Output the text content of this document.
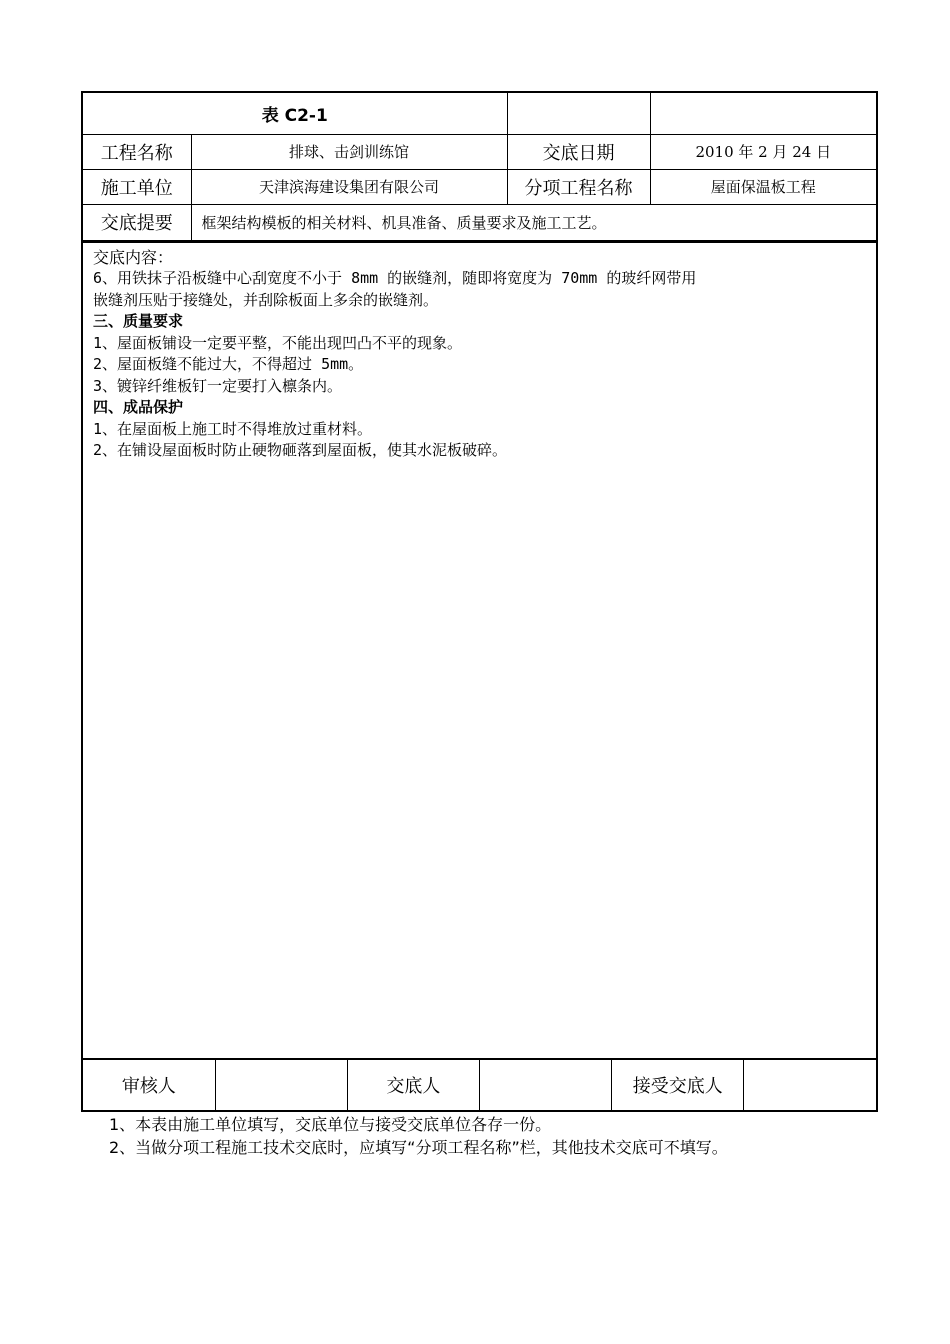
表 C2-1			
工程名称	排球、击剑训练馆	交底日期	2010 年 2 月 24 日
施工单位	天津滨海建设集团有限公司	分项工程名称	屋面保温板工程
交底提要	框架结构模板的相关材料、机具准备、质量要求及施工工艺。		

交底内容：

6、用铁抹子沿板缝中心刮宽度不小于 8mm 的嵌缝剂，随即将宽度为 70mm 的玻纤网带用

嵌缝剂压贴于接缝处，并刮除板面上多余的嵌缝剂。

三、质量要求

1、屋面板铺设一定要平整，不能出现凹凸不平的现象。

2、屋面板缝不能过大，不得超过 5mm。

3、镀锌纤维板钉一定要打入檩条内。

四、成品保护

1、在屋面板上施工时不得堆放过重材料。

2、在铺设屋面板时防止硬物砸落到屋面板，使其水泥板破碎。

审核人		交底人		接受交底人	

1、本表由施工单位填写，交底单位与接受交底单位各存一份。

2、当做分项工程施工技术交底时，应填写“分项工程名称”栏，其他技术交底可不填写。
